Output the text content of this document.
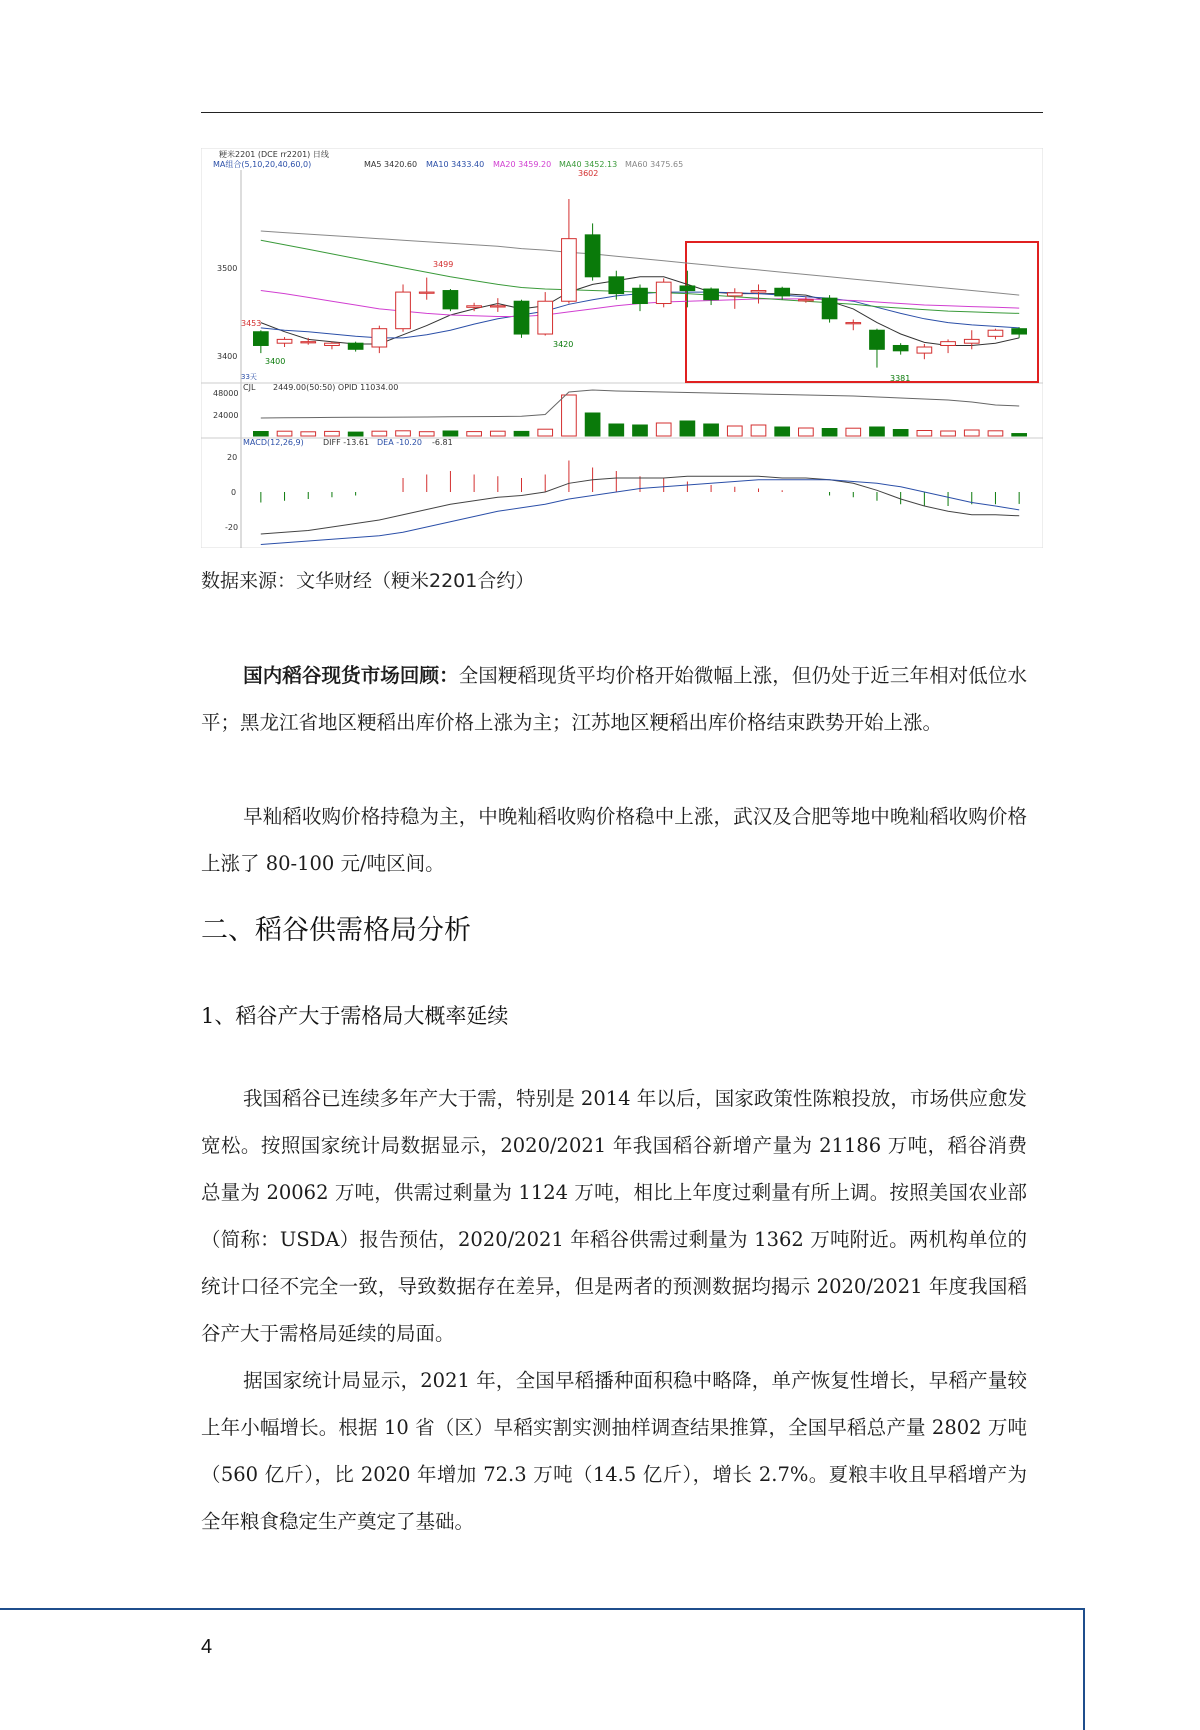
粳米2201 (DCE rr2201) 日线
MA组合(5,10,20,40,60,0)	MA5 3420.60 MA10 3433.40 MA20 3459.20 MA40 3452.13 MA60 3475.65
3500
3400
33天
CJL 2449.00(50:50) OPID 11034.00
48000
24000
MACD(12,26,9) DIFF -13.61 DEA -10.20 -6.81
20
0
-20
3602
3499
3453
3400
3420
3381
数据来源：文华财经（粳米2201合约）

国内稻谷现货市场回顾：全国粳稻现货平均价格开始微幅上涨，但仍处于近三年相对低位水平；黑龙江省地区粳稻出库价格上涨为主；江苏地区粳稻出库价格结束跌势开始上涨。

早籼稻收购价格持稳为主，中晚籼稻收购价格稳中上涨，武汉及合肥等地中晚籼稻收购价格上涨了 80-100 元/吨区间。

二、稻谷供需格局分析
1、稻谷产大于需格局大概率延续

我国稻谷已连续多年产大于需，特别是 2014 年以后，国家政策性陈粮投放，市场供应愈发宽松。按照国家统计局数据显示，2020/2021 年我国稻谷新增产量为 21186 万吨，稻谷消费总量为 20062 万吨，供需过剩量为 1124 万吨，相比上年度过剩量有所上调。按照美国农业部（简称：USDA）报告预估，2020/2021 年稻谷供需过剩量为 1362 万吨附近。两机构单位的统计口径不完全一致，导致数据存在差异，但是两者的预测数据均揭示 2020/2021 年度我国稻谷产大于需格局延续的局面。

据国家统计局显示，2021 年，全国早稻播种面积稳中略降，单产恢复性增长，早稻产量较上年小幅增长。根据 10 省（区）早稻实割实测抽样调查结果推算，全国早稻总产量 2802 万吨（560 亿斤），比 2020 年增加 72.3 万吨（14.5 亿斤），增长 2.7%。夏粮丰收且早稻增产为全年粮食稳定生产奠定了基础。

4
